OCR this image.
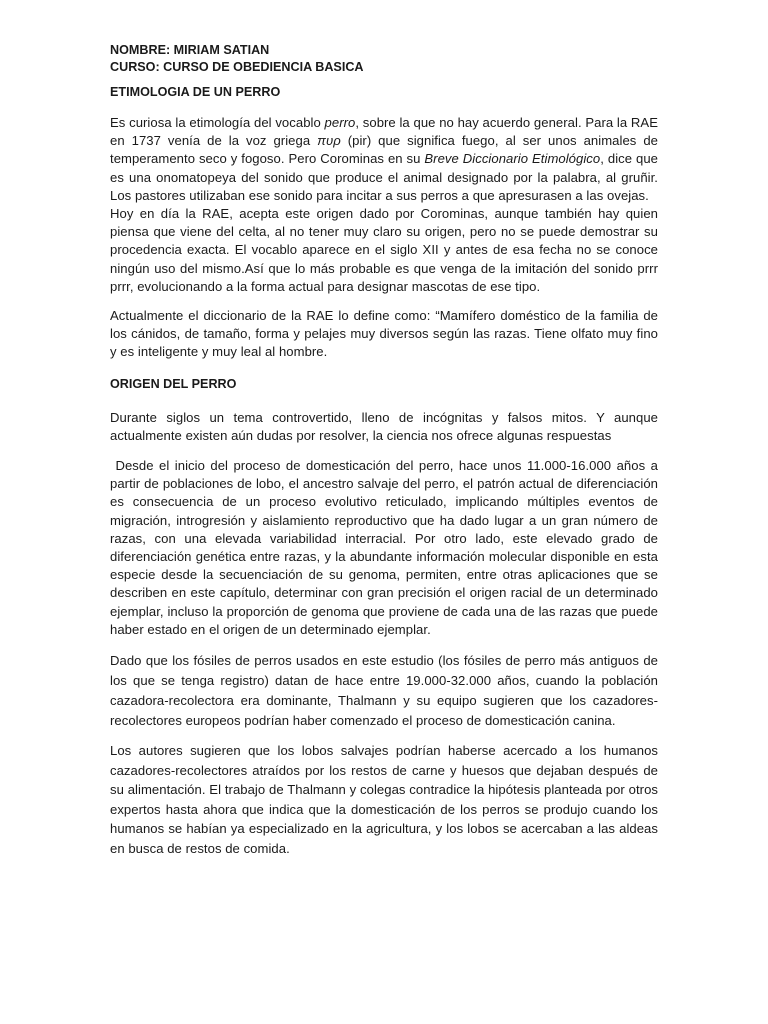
NOMBRE: MIRIAM SATIAN
CURSO: CURSO DE OBEDIENCIA BASICA
ETIMOLOGIA DE UN PERRO

Es curiosa la etimología del vocablo perro, sobre la que no hay acuerdo general. Para la RAE en 1737 venía de la voz griega πυρ (pir) que significa fuego, al ser unos animales de temperamento seco y fogoso. Pero Corominas en su Breve Diccionario Etimológico, dice que es una onomatopeya del sonido que produce el animal designado por la palabra, al gruñir. Los pastores utilizaban ese sonido para incitar a sus perros a que apresurasen a las ovejas.

Hoy en día la RAE, acepta este origen dado por Corominas, aunque también hay quien piensa que viene del celta, al no tener muy claro su origen, pero no se puede demostrar su procedencia exacta. El vocablo aparece en el siglo XII y antes de esa fecha no se conoce ningún uso del mismo.Así que lo más probable es que venga de la imitación del sonido prrr prrr, evolucionando a la forma actual para designar mascotas de ese tipo.

Actualmente el diccionario de la RAE lo define como: “Mamífero doméstico de la familia de los cánidos, de tamaño, forma y pelajes muy diversos según las razas. Tiene olfato muy fino y es inteligente y muy leal al hombre.

ORIGEN DEL PERRO

Durante siglos un tema controvertido, lleno de incógnitas y falsos mitos. Y aunque actualmente existen aún dudas por resolver, la ciencia nos ofrece algunas respuestas

Desde el inicio del proceso de domesticación del perro, hace unos 11.000-16.000 años a partir de poblaciones de lobo, el ancestro salvaje del perro, el patrón actual de diferenciación es consecuencia de un proceso evolutivo reticulado, implicando múltiples eventos de migración, introgresión y aislamiento reproductivo que ha dado lugar a un gran número de razas, con una elevada variabilidad interracial. Por otro lado, este elevado grado de diferenciación genética entre razas, y la abundante información molecular disponible en esta especie desde la secuenciación de su genoma, permiten, entre otras aplicaciones que se describen en este capítulo, determinar con gran precisión el origen racial de un determinado ejemplar, incluso la proporción de genoma que proviene de cada una de las razas que puede haber estado en el origen de un determinado ejemplar.

Dado que los fósiles de perros usados en este estudio (los fósiles de perro más antiguos de los que se tenga registro) datan de hace entre 19.000-32.000 años, cuando la población cazadora-recolectora era dominante, Thalmann y su equipo sugieren que los cazadores-recolectores europeos podrían haber comenzado el proceso de domesticación canina.

Los autores sugieren que los lobos salvajes podrían haberse acercado a los humanos cazadores-recolectores atraídos por los restos de carne y huesos que dejaban después de su alimentación. El trabajo de Thalmann y colegas contradice la hipótesis planteada por otros expertos hasta ahora que indica que la domesticación de los perros se produjo cuando los humanos se habían ya especializado en la agricultura, y los lobos se acercaban a las aldeas en busca de restos de comida.
